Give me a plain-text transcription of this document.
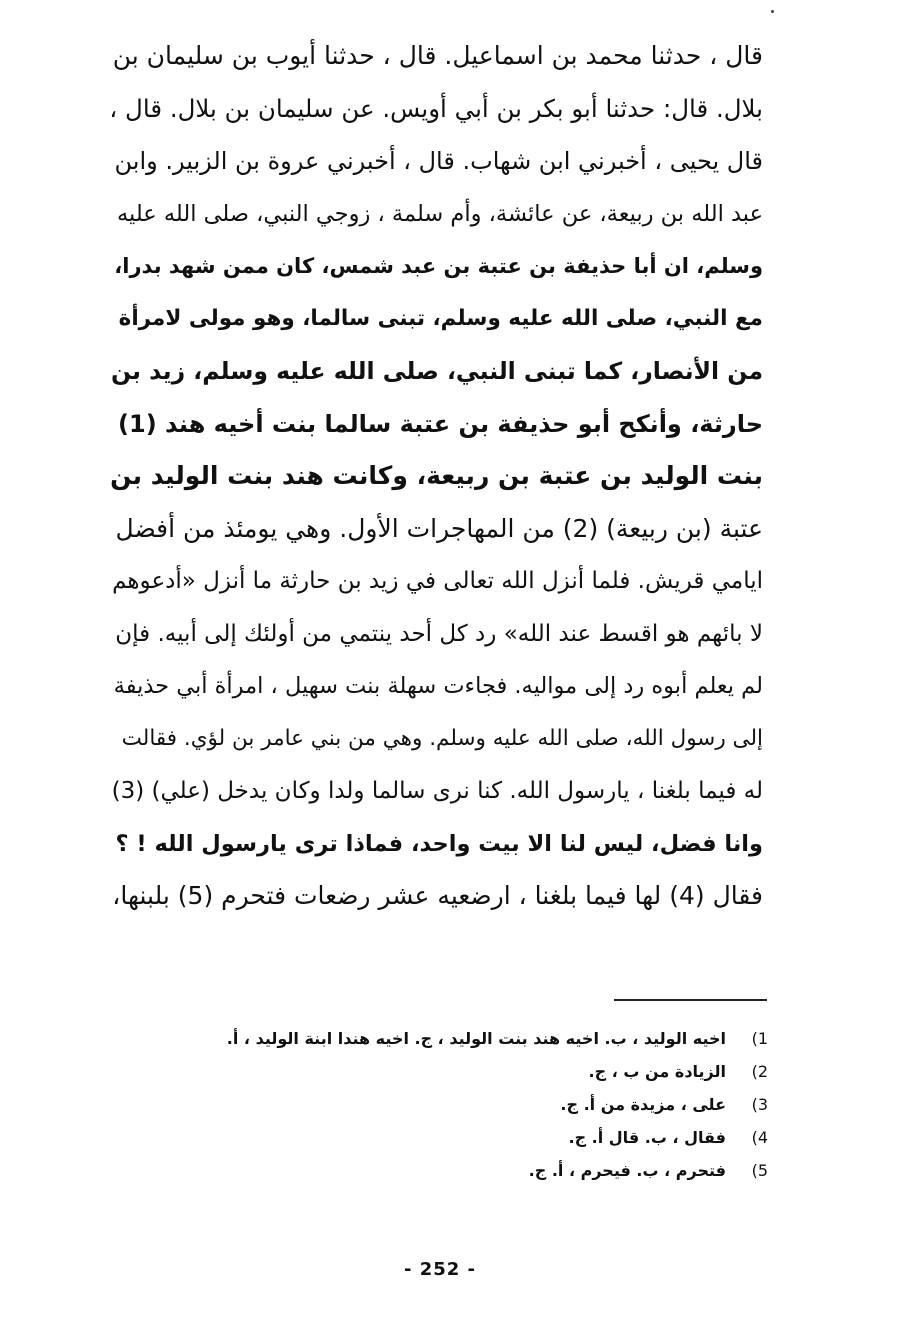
قال ، حدثنا محمد بن اسماعيل. قال ، حدثنا أيوب بن سليمان بن
بلال. قال: حدثنا أبو بكر بن أبي أويس. عن سليمان بن بلال. قال ،
قال يحيى ، أخبرني ابن شهاب. قال ، أخبرني عروة بن الزبير. وابن
عبد الله بن ربيعة، عن عائشة، وأم سلمة ، زوجي النبي، صلى الله عليه
وسلم، ان أبا حذيفة بن عتبة بن عبد شمس، كان ممن شهد بدرا،
مع النبي، صلى الله عليه وسلم، تبنى سالما، وهو مولى لامرأة
من الأنصار، كما تبنى النبي، صلى الله عليه وسلم، زيد بن
حارثة، وأنكح أبو حذيفة بن عتبة سالما بنت أخيه هند (1)
بنت الوليد بن عتبة بن ربيعة، وكانت هند بنت الوليد بن
عتبة (بن ربيعة) (2) من المهاجرات الأول. وهي يومئذ من أفضل
ايامي قريش. فلما أنزل الله تعالى في زيد بن حارثة ما أنزل «أدعوهم
لا بائهم هو اقسط عند الله» رد كل أحد ينتمي من أولئك إلى أبيه. فإن
لم يعلم أبوه رد إلى مواليه. فجاءت سهلة بنت سهيل ، امرأة أبي حذيفة
إلى رسول الله، صلى الله عليه وسلم. وهي من بني عامر بن لؤي. فقالت
له فيما بلغنا ، يارسول الله. كنا نرى سالما ولدا وكان يدخل (علي) (3)
وانا فضل، ليس لنا الا بيت واحد، فماذا ترى يارسول الله ! ؟
فقال (4) لها فيما بلغنا ، ارضعيه عشر رضعات فتحرم (5) بلبنها،
1)
اخيه الوليد ، ب. اخيه هند بنت الوليد ، ج. اخيه هندا ابنة الوليد ، أ.
2)
الزيادة من ب ، ج.
3)
على ، مزيدة من أ. ج.
4)
فقال ، ب. قال أ. ج.
5)
فتحرم ، ب. فيحرم ، أ. ج.
- 252 -
